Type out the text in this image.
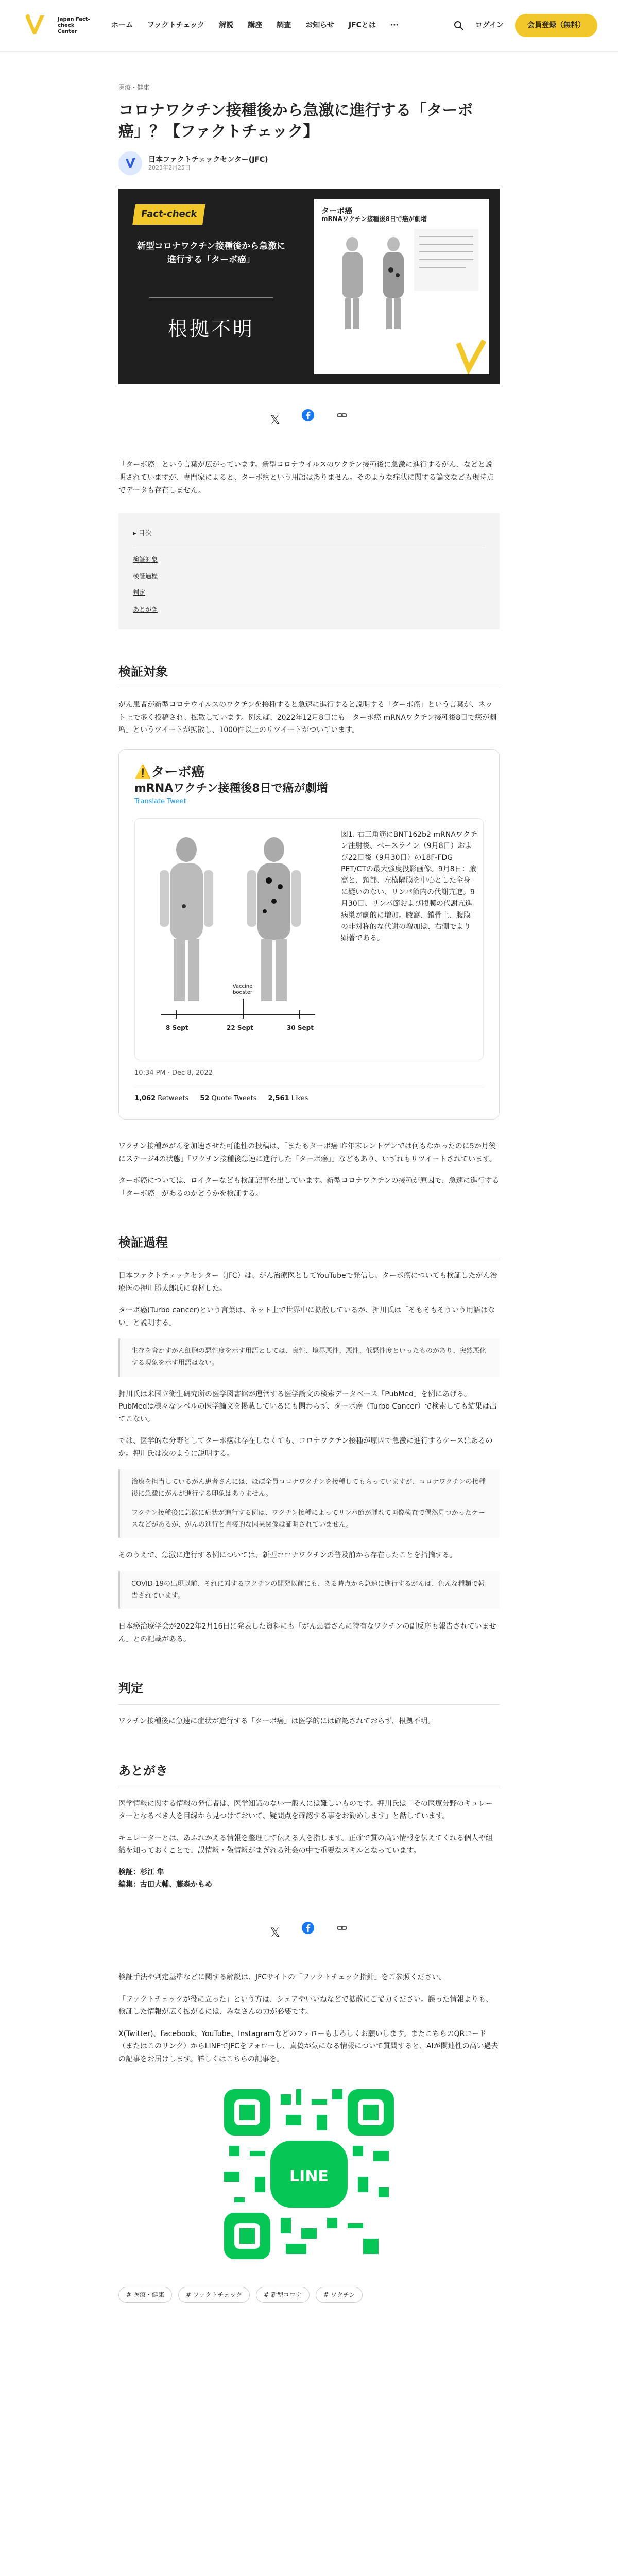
Japan Fact-check Center
ホーム ファクトチェック 解説 講座 調査 お知らせ JFCとは ···	ログイン	会員登録（無料）
医療・健康
コロナワクチン接種後から急激に進行する「ターボ癌」？【ファクトチェック】
日本ファクトチェックセンター(JFC)
2023年2月25日
Fact-check
新型コロナワクチン接種後から急激に進行する「ターボ癌」
根拠不明
ターボ癌
mRNAワクチン接種後8日で癌が劇増
𝕏

「ターボ癌」という言葉が広がっています。新型コロナウイルスのワクチン接種後に急激に進行するがん、などと説明されていますが、専門家によると、ターボ癌という用語はありません。そのような症状に関する論文なども現時点でデータも存在しません。

▸ 目次
検証対象
検証過程
判定
あとがき
検証対象

がん患者が新型コロナウイルスのワクチンを接種すると急速に進行すると説明する「ターボ癌」という言葉が、ネット上で多く投稿され、拡散しています。例えば、2022年12月8日にも「ターボ癌 mRNAワクチン接種後8日で癌が劇増」というツイートが拡散し、1000件以上のリツイートがついています。

⚠️ターボ癌
mRNAワクチン接種後8日で癌が劇増
Translate Tweet
Vaccine booster
8 Sept	22 Sept	30 Sept
図1. 右三角筋にBNT162b2 mRNAワクチン注射後、ベースライン（9月8日）および22日後（9月30日）の18F-FDG PET/CTの最大強度投影画像。9月8日：腋窩と、頸部、左横隔膜を中心とした全身に疑いのない、リンパ節内の代謝亢進。9月30日、リンパ節および腹膜の代謝亢進病巣が劇的に増加。腋窩、鎖骨上、腹膜の非対称的な代謝の増加は、右側でより顕著である。
10:34 PM · Dec 8, 2022
1,062 Retweets 52 Quote Tweets 2,561 Likes

ワクチン接種ががんを加速させた可能性の投稿は、「またもターボ癌 昨年末レントゲンでは何もなかったのに5か月後にステージ4の状態」「ワクチン接種後急速に進行した「ターボ癌」」などもあり、いずれもリツイートされています。

ターボ癌については、ロイターなども検証記事を出しています。新型コロナワクチンの接種が原因で、急速に進行する「ターボ癌」があるのかどうかを検証する。

検証過程

日本ファクトチェックセンター（JFC）は、がん治療医としてYouTubeで発信し、ターボ癌についても検証したがん治療医の押川勝太郎氏に取材した。

ターボ癌(Turbo cancer)という言葉は、ネット上で世界中に拡散しているが、押川氏は「そもそもそういう用語はない」と説明する。

生存を脅かすがん細胞の悪性度を示す用語としては、良性、境界悪性、悪性、低悪性度といったものがあり、突然悪化する現象を示す用語はない。

押川氏は米国立衛生研究所の医学図書館が運営する医学論文の検索データベース「PubMed」を例にあげる。PubMedは様々なレベルの医学論文を掲載しているにも関わらず、ターボ癌（Turbo Cancer）で検索しても結果は出てこない。

では、医学的な分野としてターボ癌は存在しなくても、コロナワクチン接種が原因で急激に進行するケースはあるのか。押川氏は次のように説明する。

治療を担当しているがん患者さんには、ほぼ全員コロナワクチンを接種してもらっていますが、コロナワクチンの接種後に急激にがんが進行する印象はありません。

ワクチン接種後に急激に症状が進行する例は、ワクチン接種によってリンパ節が腫れて画像検査で偶然見つかったケースなどがあるが、がんの進行と直接的な因果関係は証明されていません。

そのうえで、急激に進行する例については、新型コロナワクチンの普及前から存在したことを指摘する。

COVID-19の出現以前、それに対するワクチンの開発以前にも、ある時点から急速に進行するがんは、色んな種類で報告されています。

日本癌治療学会が2022年2月16日に発表した資料にも「がん患者さんに特有なワクチンの副反応も報告されていません」との記載がある。

判定

ワクチン接種後に急速に症状が進行する「ターボ癌」は医学的には確認されておらず、根拠不明。

あとがき

医学情報に関する情報の発信者は、医学知識のない一般人には難しいものです。押川氏は「その医療分野のキュレーターとなるべき人を目線から見つけておいて、疑問点を確認する事をお勧めします」と話しています。

キュレーターとは、あふれかえる情報を整理して伝える人を指します。正確で質の高い情報を伝えてくれる個人や組織を知っておくことで、誤情報・偽情報がまぎれる社会の中で重要なスキルとなっています。

検証：杉江 隼
編集：古田大輔、藤森かもめ
𝕏

検証手法や判定基準などに関する解説は、JFCサイトの「ファクトチェック指針」をご参照ください。

「ファクトチェックが役に立った」という方は、シェアやいいねなどで拡散にご協力ください。誤った情報よりも、検証した情報が広く拡がるには、みなさんの力が必要です。

X(Twitter)、Facebook、YouTube、Instagramなどのフォローもよろしくお願いします。またこちらのQRコード（またはこのリンク）からLINEでJFCをフォローし、真偽が気になる情報について質問すると、AIが関連性の高い過去の記事をお届けします。詳しくはこちらの記事を。

LINE
# 医療・健康	# ファクトチェック	# 新型コロナ	# ワクチン
